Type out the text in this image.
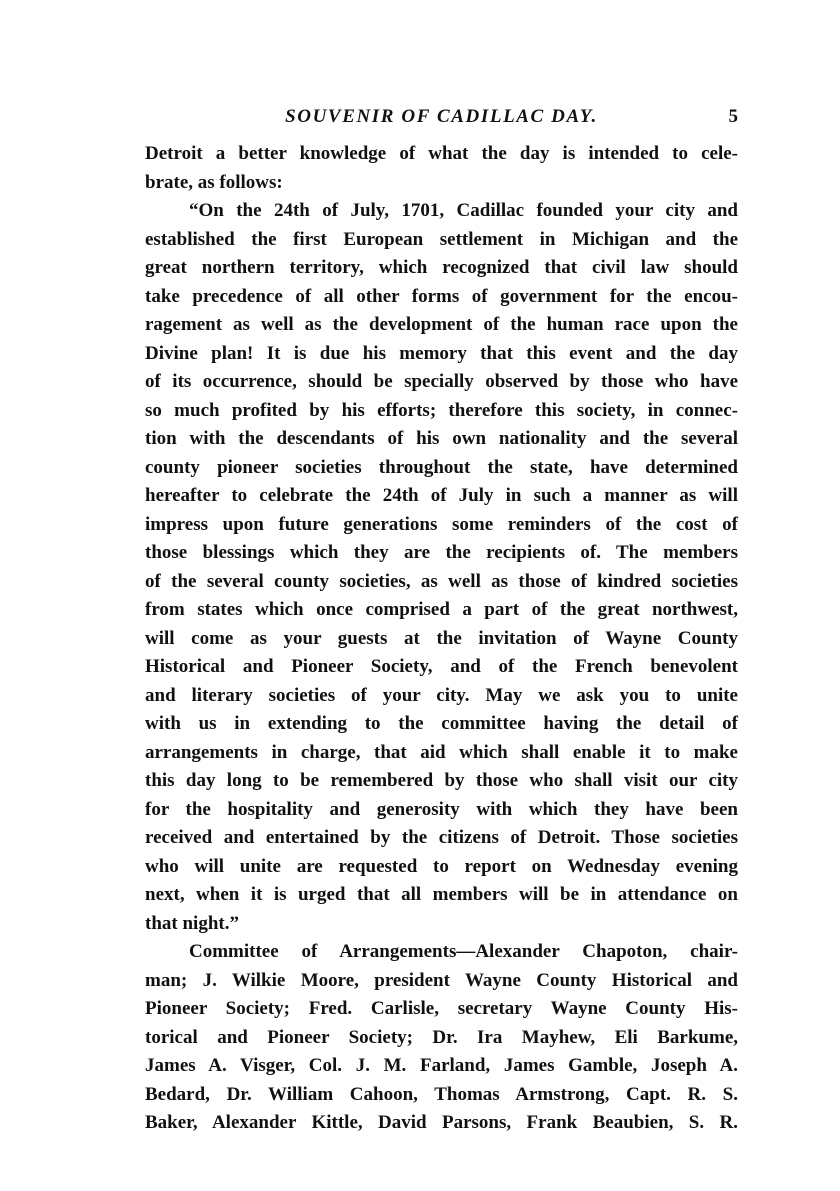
SOUVENIR OF CADILLAC DAY.	5
Detroit a better knowledge of what the day is intended to cele-
brate, as follows:
“On the 24th of July, 1701, Cadillac founded your city and
established the first European settlement in Michigan and the
great northern territory, which recognized that civil law should
take precedence of all other forms of government for the encou-
ragement as well as the development of the human race upon the
Divine plan! It is due his memory that this event and the day
of its occurrence, should be specially observed by those who have
so much profited by his efforts; therefore this society, in connec-
tion with the descendants of his own nationality and the several
county pioneer societies throughout the state, have determined
hereafter to celebrate the 24th of July in such a manner as will
impress upon future generations some reminders of the cost of
those blessings which they are the recipients of. The members
of the several county societies, as well as those of kindred societies
from states which once comprised a part of the great northwest,
will come as your guests at the invitation of Wayne County
Historical and Pioneer Society, and of the French benevolent
and literary societies of your city. May we ask you to unite
with us in extending to the committee having the detail of
arrangements in charge, that aid which shall enable it to make
this day long to be remembered by those who shall visit our city
for the hospitality and generosity with which they have been
received and entertained by the citizens of Detroit. Those societies
who will unite are requested to report on Wednesday evening
next, when it is urged that all members will be in attendance on
that night.”
Committee of Arrangements—Alexander Chapoton, chair-
man; J. Wilkie Moore, president Wayne County Historical and
Pioneer Society; Fred. Carlisle, secretary Wayne County His-
torical and Pioneer Society; Dr. Ira Mayhew, Eli Barkume,
James A. Visger, Col. J. M. Farland, James Gamble, Joseph A.
Bedard, Dr. William Cahoon, Thomas Armstrong, Capt. R. S.
Baker, Alexander Kittle, David Parsons, Frank Beaubien, S. R.
